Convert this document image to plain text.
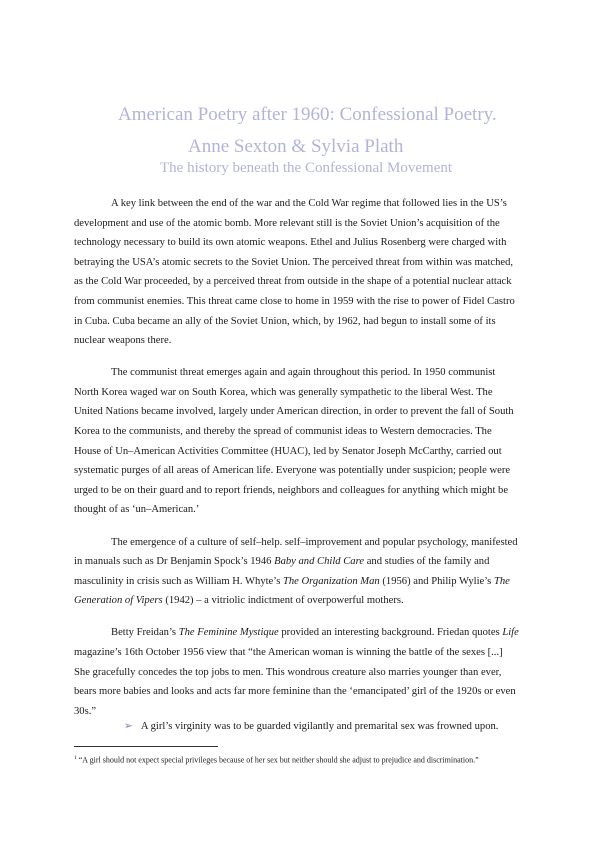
American Poetry after 1960: Confessional Poetry.
Anne Sexton & Sylvia Plath
The history beneath the Confessional Movement

A key link between the end of the war and the Cold War regime that followed lies in the US’s development and use of the atomic bomb. More relevant still is the Soviet Union’s acquisition of the technology necessary to build its own atomic weapons. Ethel and Julius Rosenberg were charged with betraying the USA’s atomic secrets to the Soviet Union. The perceived threat from within was matched, as the Cold War proceeded, by a perceived threat from outside in the shape of a potential nuclear attack from communist enemies. This threat came close to home in 1959 with the rise to power of Fidel Castro in Cuba. Cuba became an ally of the Soviet Union, which, by 1962, had begun to install some of its nuclear weapons there.

The communist threat emerges again and again throughout this period. In 1950 communist North Korea waged war on South Korea, which was generally sympathetic to the liberal West. The United Nations became involved, largely under American direction, in order to prevent the fall of South Korea to the communists, and thereby the spread of communist ideas to Western democracies. The House of Un–American Activities Committee (HUAC), led by Senator Joseph McCarthy, carried out systematic purges of all areas of American life. Everyone was potentially under suspicion; people were urged to be on their guard and to report friends, neighbors and colleagues for anything which might be thought of as ‘un–American.’

The emergence of a culture of self–help. self–improvement and popular psychology, manifested in manuals such as Dr Benjamin Spock’s 1946 Baby and Child Care and studies of the family and masculinity in crisis such as William H. Whyte’s The Organization Man (1956) and Philip Wylie’s The Generation of Vipers (1942) – a vitriolic indictment of overpowerful mothers.

Betty Freidan’s The Feminine Mystique provided an interesting background. Friedan quotes Life magazine’s 16th October 1956 view that “the American woman is winning the battle of the sexes [...] She gracefully concedes the top jobs to men. This wondrous creature also marries younger than ever, bears more babies and looks and acts far more feminine than the ‘emancipated’ girl of the 1920s or even 30s.”

➢ A girl’s virginity was to be guarded vigilantly and premarital sex was frowned upon.
$^1$ “A girl should not expect special privileges because of her sex but neither should she adjust to prejudice and discrimination.”
